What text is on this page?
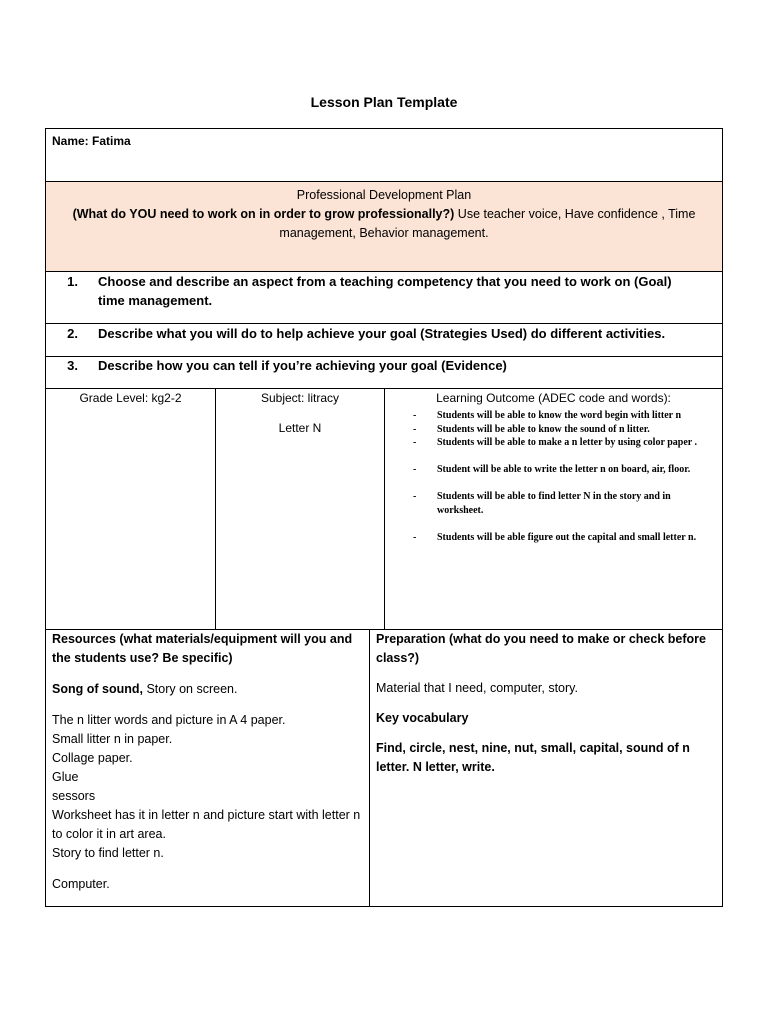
Lesson Plan Template
Name: Fatima
Professional Development Plan
(What do YOU need to work on in order to grow professionally?) Use teacher voice, Have confidence , Time management, Behavior management.
1. Choose and describe an aspect from a teaching competency that you need to work on (Goal) time management.
2. Describe what you will do to help achieve your goal (Strategies Used) do different activities.
3. Describe how you can tell if you’re achieving your goal (Evidence)
Grade Level: kg2-2	Subject: litracy
Letter N
Learning Outcome (ADEC code and words):
- Students will be able to know the word begin with litter n
- Students will be able to know the sound of n litter.
- Students will be able to make a n letter by using color paper .
- Student will be able to write the letter n on board, air, floor.
- Students will be able to find letter N in the story and in worksheet.
- Students will be able figure out the capital and small letter n.

Resources (what materials/equipment will you and the students use? Be specific)

Song of sound, Story on screen.

The n litter words and picture in A 4 paper.

Small litter n in paper.

Collage paper.

Glue

sessors

Worksheet has it in letter n and picture start with letter n to color it in art area.

Story to find letter n.

Computer.

Preparation (what do you need to make or check before class?)

Material that I need, computer, story.

Key vocabulary

Find, circle, nest, nine, nut, small, capital, sound of n letter. N letter, write.
